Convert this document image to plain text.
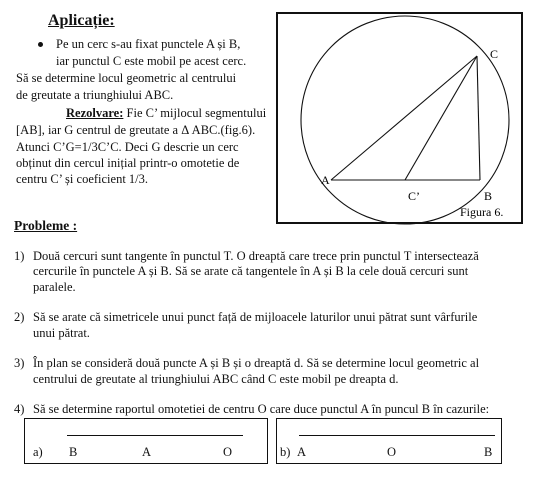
Aplicație:
Pe un cerc s-au fixat punctele A și B,
iar punctul C este mobil pe acest cerc.
Să se determine locul geometric al centrului
de greutate a triunghiului ABC.
Rezolvare: Fie C’ mijlocul segmentului
[AB], iar G centrul de greutate a Δ ABC.(fig.6).
Atunci C’G=1/3C’C. Deci G descrie un cerc
obținut din cercul inițial printr-o omotetie de
centru C’ și coeficient 1/3.	A
B
C
C’
Figura 6.
Probleme :
1) Două cercuri sunt tangente în punctul T. O dreaptă care trece prin punctul T intersectează
cercurile în punctele A și B. Să se arate că tangentele în A și B la cele două cercuri sunt
paralele.
2) Să se arate că simetricele unui punct față de mijloacele laturilor unui pătrat sunt vârfurile
unui pătrat.
3) În plan se consideră două puncte A și B și o dreaptă d. Să se determine locul geometric al
centrului de greutate al triunghiului ABC când C este mobil pe dreapta d.
4) Să se determine raportul omotetiei de centru O care duce punctul A în puncul B în cazurile:
a) B	A	O	b) A	O	B
